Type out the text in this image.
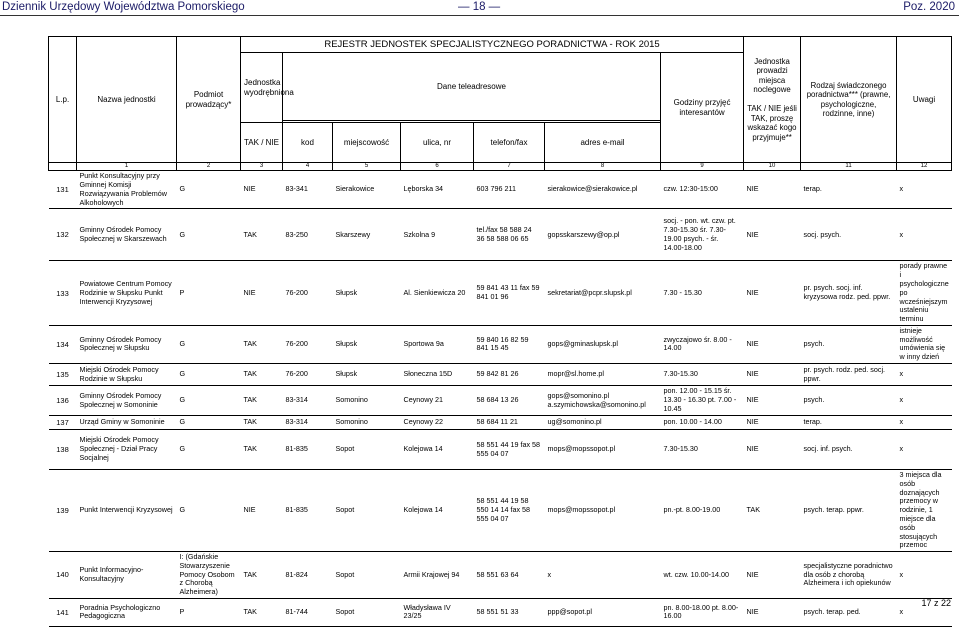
Dziennik Urzędowy Województwa Pomorskiego	— 18 —	Poz. 2020
L.p.	Nazwa jednostki	Podmiot prowadzący*	REJESTR JEDNOSTEK SPECJALISTYCZNEGO PORADNICTWA - ROK 2015							Jednostka prowadzi miejsca noclegowe

TAK / NIE jeśli TAK, proszę wskazać kogo przyjmuje**	Rodzaj świadczonego poradnictwa*** (prawne, psychologiczne, rodzinne, inne)	Uwagi
			Jednostka wyodrębniona	Dane teleadresowe					Godziny przyjęć interesantów			

			TAK / NIE	kod	miejscowość	ulica, nr	telefon/fax	adres e-mail				
	1	2	3	4	5	6	7	8	9	10	11	12
131	Punkt Konsultacyjny przy Gminnej Komisji Rozwiązywania Problemów Alkoholowych	G	NIE	83-341	Sierakowice	Lęborska 34	603 796 211	sierakowice@sierakowice.pl	czw. 12:30-15:00	NIE	terap.	x
132	Gminny Ośrodek Pomocy Społecznej w Skarszewach	G	TAK	83-250	Skarszewy	Szkolna 9	tel./fax 58 588 24 36 58 588 06 65	gopsskarszewy@op.pl	socj. - pon. wt. czw. pt. 7.30-15.30 śr. 7.30-19.00 psych. - śr. 14.00-18.00	NIE	socj. psych.	x
133	Powiatowe Centrum Pomocy Rodzinie w Słupsku Punkt Interwencji Kryzysowej	P	NIE	76-200	Słupsk	Al. Sienkiewicza 20	59 841 43 11 fax 59 841 01 96	sekretariat@pcpr.slupsk.pl	7.30 - 15.30	NIE	pr. psych. socj. inf. kryzysowa rodz. ped. ppwr.	porady prawne i psychologiczne po wcześniejszym ustaleniu terminu
134	Gminny Ośrodek Pomocy Społecznej w Słupsku	G	TAK	76-200	Słupsk	Sportowa 9a	59 840 16 82 59 841 15 45	gops@gminaslupsk.pl	zwyczajowo śr. 8.00 - 14.00	NIE	psych.	istnieje możliwość umówienia się w inny dzień
135	Miejski Ośrodek Pomocy Rodzinie w Słupsku	G	TAK	76-200	Słupsk	Słoneczna 15D	59 842 81 26	mopr@sl.home.pl	7.30-15.30	NIE	pr. psych. rodz. ped. socj. ppwr.	x
136	Gminny Ośrodek Pomocy Społecznej w Somoninie	G	TAK	83-314	Somonino	Ceynowy 21	58 684 13 26	gops@somonino.pl a.szymichowska@somonino.pl	pon. 12.00 - 15.15 śr. 13.30 - 16.30 pt. 7.00 - 10.45	NIE	psych.	x
137	Urząd Gminy w Somoninie	G	TAK	83-314	Somonino	Ceynowy 22	58 684 11 21	ug@somonino.pl	pon. 10.00 - 14.00	NIE	terap.	x
138	Miejski Ośrodek Pomocy Społecznej - Dział Pracy Socjalnej	G	TAK	81-835	Sopot	Kolejowa 14	58 551 44 19 fax 58 555 04 07	mops@mopssopot.pl	7.30-15.30	NIE	socj. inf. psych.	x
139	Punkt Interwencji Kryzysowej	G	NIE	81-835	Sopot	Kolejowa 14	58 551 44 19 58 550 14 14 fax 58 555 04 07	mops@mopssopot.pl	pn.-pt. 8.00-19.00	TAK	psych. terap. ppwr.	3 miejsca dla osób doznających przemocy w rodzinie, 1 miejsce dla osób stosujących przemoc
140	Punkt Informacyjno-Konsultacyjny	I: (Gdańskie Stowarzyszenie Pomocy Osobom z Chorobą Alzheimera)	TAK	81-824	Sopot	Armii Krajowej 94	58 551 63 64	x	wt. czw. 10.00-14.00	NIE	specjalistyczne poradnictwo dla osób z chorobą Alzheimera i ich opiekunów	x
141	Poradnia Psychologiczno Pedagogiczna	P	TAK	81-744	Sopot	Władysława IV 23/25	58 551 51 33	ppp@sopot.pl	pn. 8.00-18.00 pt. 8.00-16.00	NIE	psych. terap. ped.	x
17 z 22
